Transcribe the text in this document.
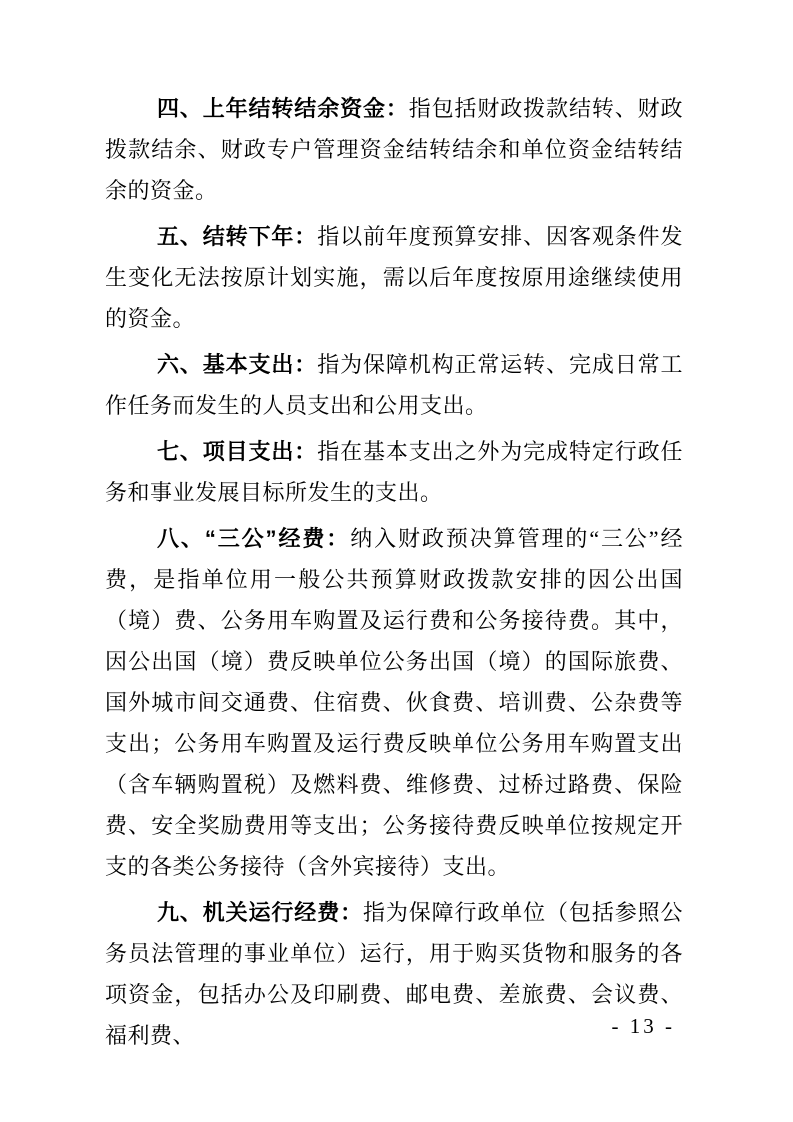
四、上年结转结余资金：指包括财政拨款结转、财政拨款结余、财政专户管理资金结转结余和单位资金结转结余的资金。

五、结转下年：指以前年度预算安排、因客观条件发生变化无法按原计划实施，需以后年度按原用途继续使用的资金。

六、基本支出：指为保障机构正常运转、完成日常工作任务而发生的人员支出和公用支出。

七、项目支出：指在基本支出之外为完成特定行政任务和事业发展目标所发生的支出。

八、“三公”经费：纳入财政预决算管理的“三公”经费，是指单位用一般公共预算财政拨款安排的因公出国（境）费、公务用车购置及运行费和公务接待费。其中，因公出国（境）费反映单位公务出国（境）的国际旅费、国外城市间交通费、住宿费、伙食费、培训费、公杂费等支出；公务用车购置及运行费反映单位公务用车购置支出（含车辆购置税）及燃料费、维修费、过桥过路费、保险费、安全奖励费用等支出；公务接待费反映单位按规定开支的各类公务接待（含外宾接待）支出。

九、机关运行经费：指为保障行政单位（包括参照公务员法管理的事业单位）运行，用于购买货物和服务的各项资金，包括办公及印刷费、邮电费、差旅费、会议费、福利费、	- 13 -
